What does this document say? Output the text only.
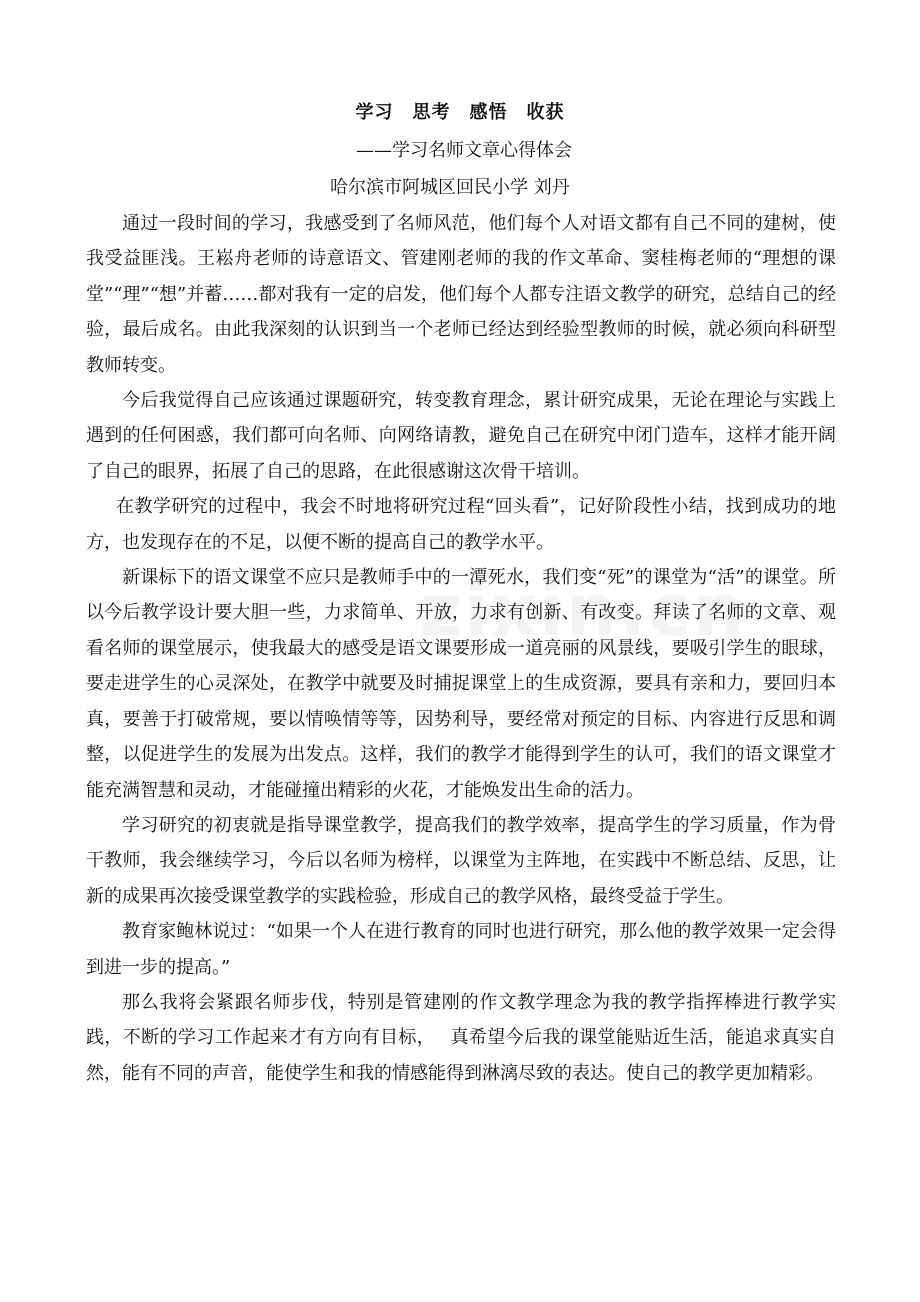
学习　思考　感悟　收获
——学习名师文章心得体会
哈尔滨市阿城区回民小学 刘丹

通过一段时间的学习，我感受到了名师风范，他们每个人对语文都有自己不同的建树，使我受益匪浅。王崧舟老师的诗意语文、管建刚老师的我的作文革命、窦桂梅老师的“理想的课堂”“理”“想”并蓄……都对我有一定的启发，他们每个人都专注语文教学的研究，总结自己的经验，最后成名。由此我深刻的认识到当一个老师已经达到经验型教师的时候，就必须向科研型教师转变。

今后我觉得自己应该通过课题研究，转变教育理念，累计研究成果，无论在理论与实践上遇到的任何困惑，我们都可向名师、向网络请教，避免自己在研究中闭门造车，这样才能开阔了自己的眼界，拓展了自己的思路，在此很感谢这次骨干培训。

在教学研究的过程中，我会不时地将研究过程“回头看”，记好阶段性小结，找到成功的地方，也发现存在的不足，以便不断的提高自己的教学水平。

新课标下的语文课堂不应只是教师手中的一潭死水，我们变“死”的课堂为“活”的课堂。所以今后教学设计要大胆一些，力求简单、开放，力求有创新、有改变。拜读了名师的文章、观看名师的课堂展示，使我最大的感受是语文课要形成一道亮丽的风景线，要吸引学生的眼球，要走进学生的心灵深处，在教学中就要及时捕捉课堂上的生成资源，要具有亲和力，要回归本真，要善于打破常规，要以情唤情等等，因势利导，要经常对预定的目标、内容进行反思和调整，以促进学生的发展为出发点。这样，我们的教学才能得到学生的认可，我们的语文课堂才能充满智慧和灵动，才能碰撞出精彩的火花，才能焕发出生命的活力。

学习研究的初衷就是指导课堂教学，提高我们的教学效率，提高学生的学习质量，作为骨干教师，我会继续学习，今后以名师为榜样，以课堂为主阵地，在实践中不断总结、反思，让新的成果再次接受课堂教学的实践检验，形成自己的教学风格，最终受益于学生。

教育家鲍林说过：“如果一个人在进行教育的同时也进行研究，那么他的教学效果一定会得到进一步的提高。”

那么我将会紧跟名师步伐，特别是管建刚的作文教学理念为我的教学指挥棒进行教学实践，不断的学习工作起来才有方向有目标，　 真希望今后我的课堂能贴近生活，能追求真实自然，能有不同的声音，能使学生和我的情感能得到淋漓尽致的表达。使自己的教学更加精彩。
